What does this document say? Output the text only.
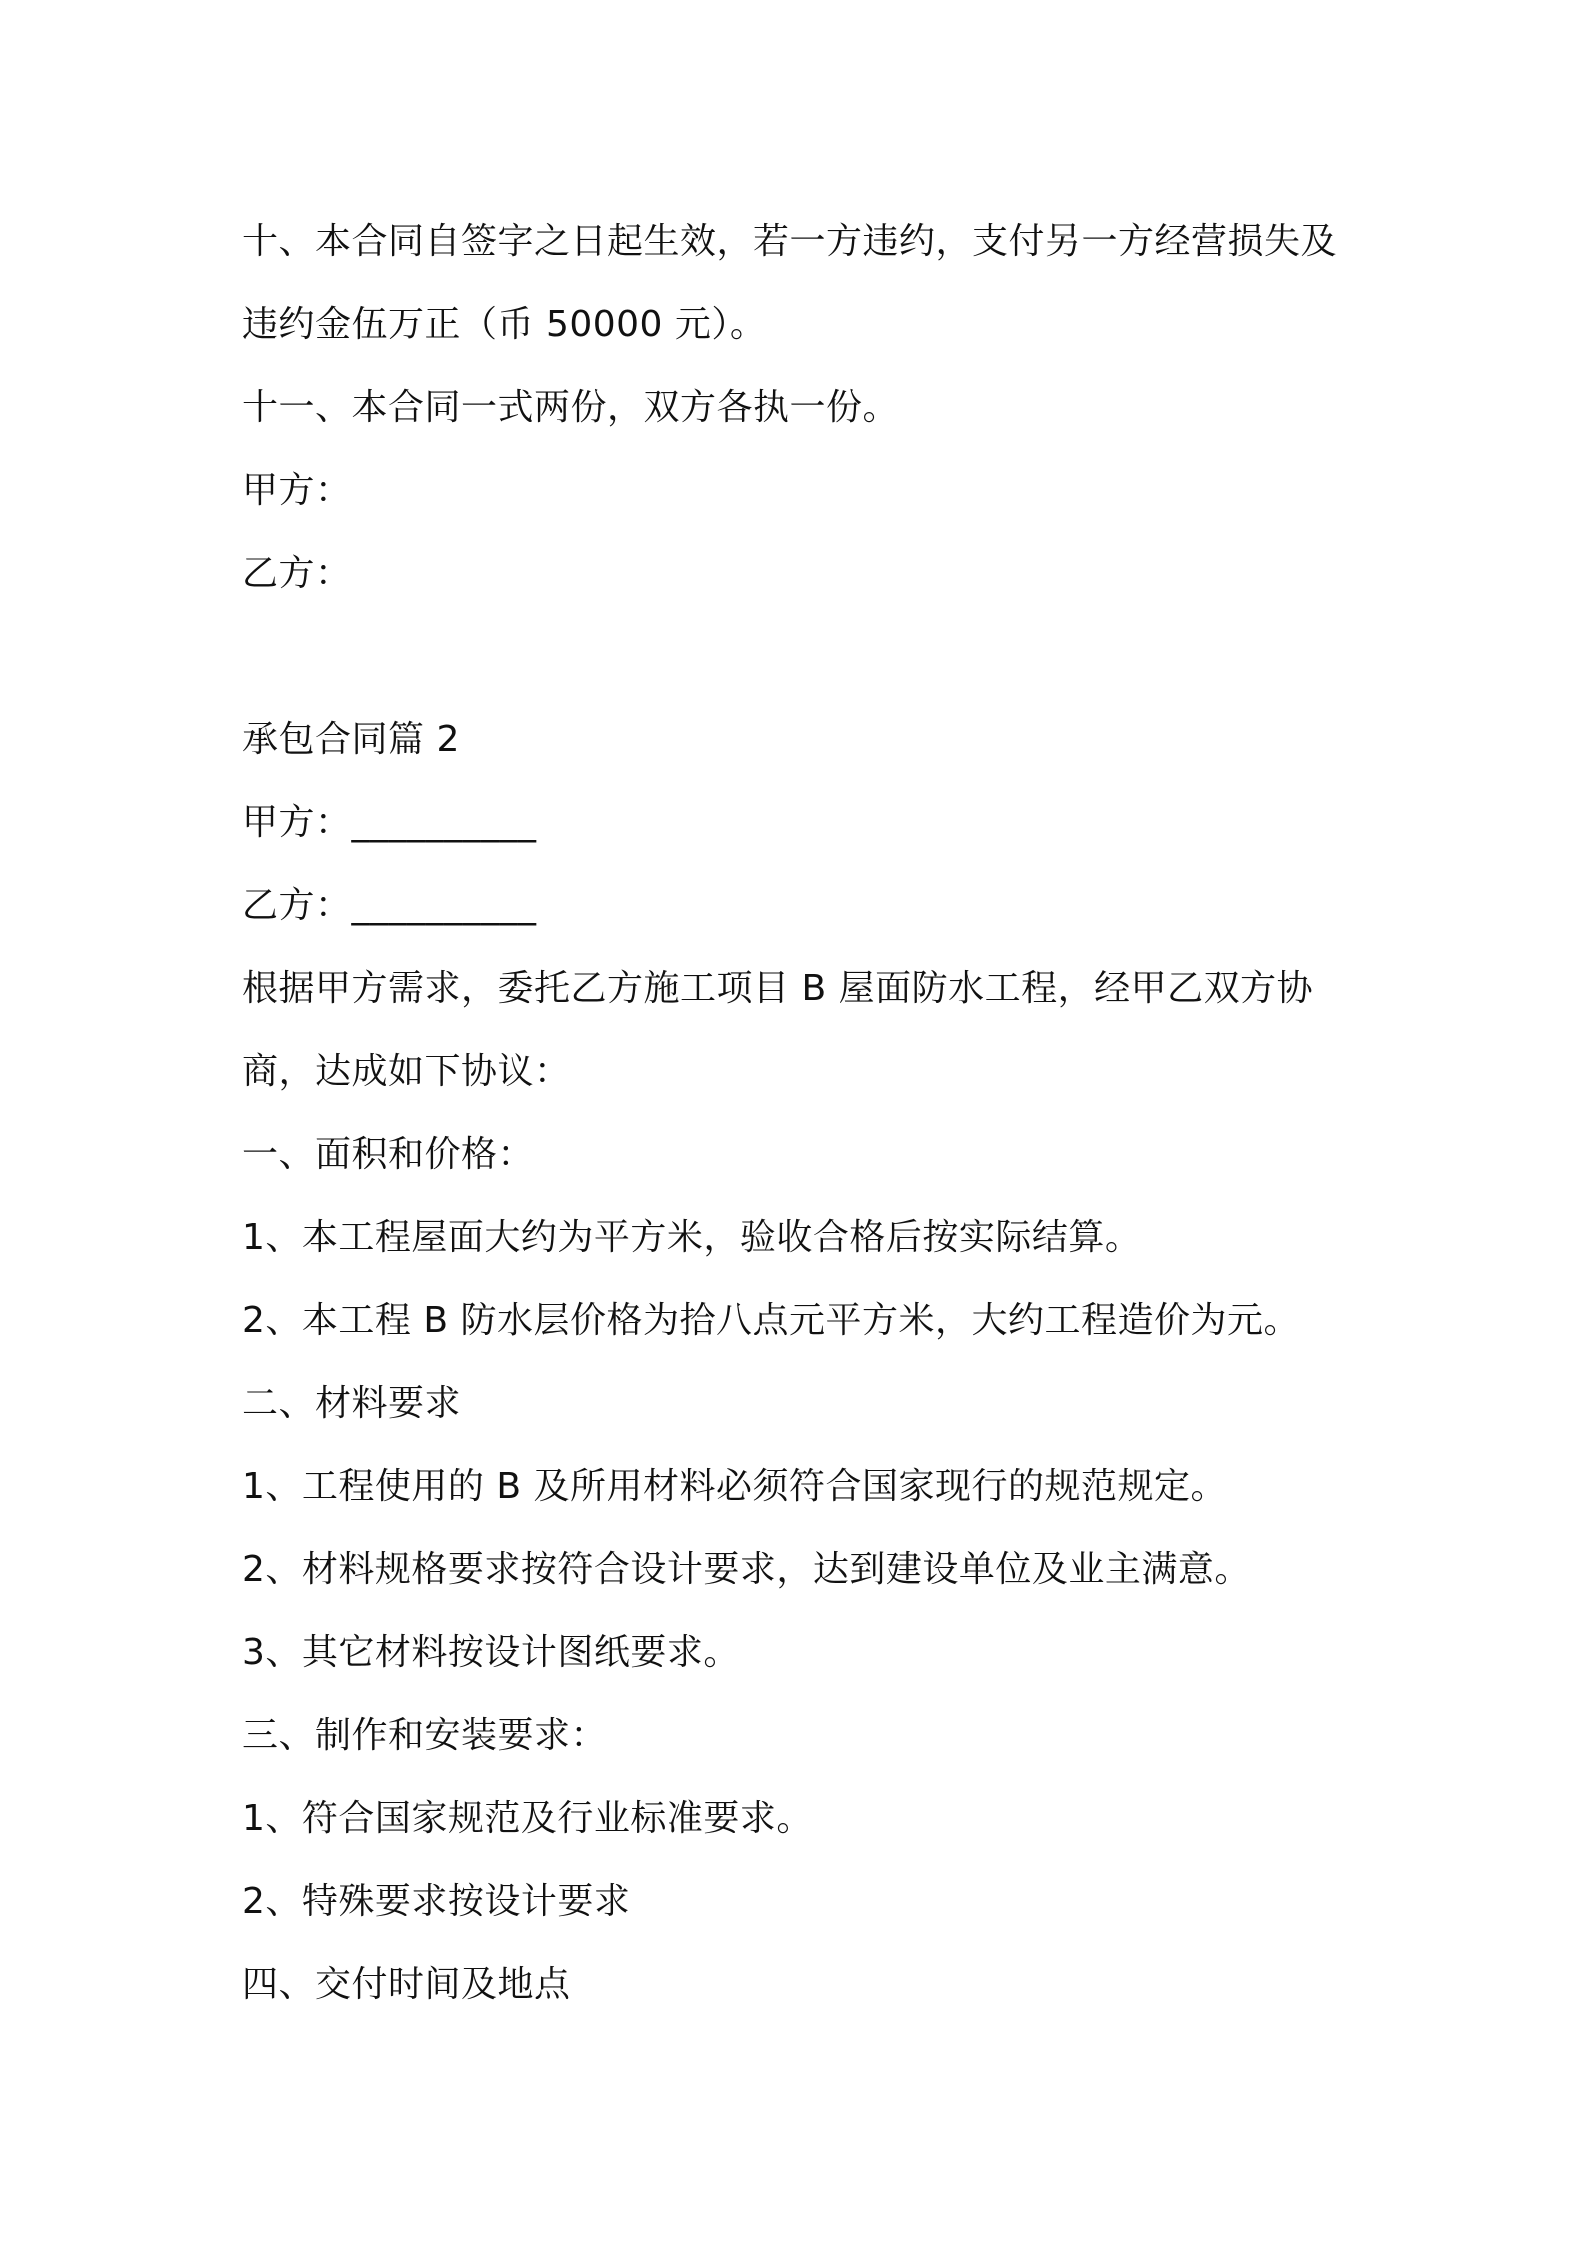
十、本合同自签字之日起生效，若一方违约，支付另一方经营损失及
违约金伍万正（币 50000 元）。
十一、本合同一式两份，双方各执一份。
甲方：
乙方：
承包合同篇 2
甲方：__________
乙方：__________
根据甲方需求，委托乙方施工项目 B 屋面防水工程，经甲乙双方协
商，达成如下协议：
一、面积和价格：
1、本工程屋面大约为平方米，验收合格后按实际结算。
2、本工程 B 防水层价格为拾八点元平方米，大约工程造价为元。
二、材料要求
1、工程使用的 B 及所用材料必须符合国家现行的规范规定。
2、材料规格要求按符合设计要求，达到建设单位及业主满意。
3、其它材料按设计图纸要求。
三、制作和安装要求：
1、符合国家规范及行业标准要求。
2、特殊要求按设计要求
四、交付时间及地点
